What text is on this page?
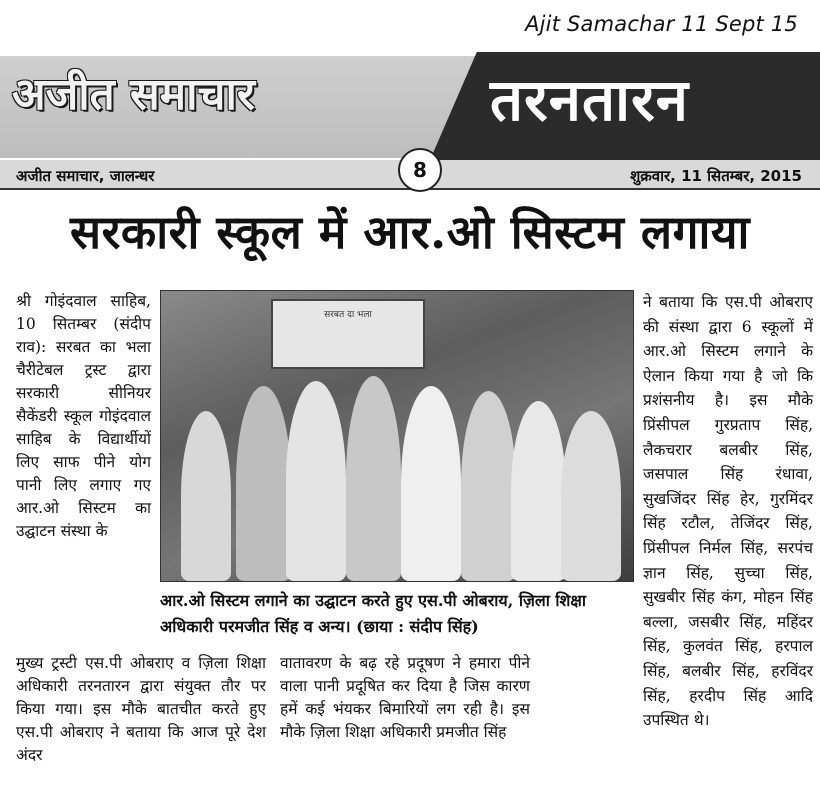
Ajit Samachar 11 Sept 15
अजीत समाचार	तरनतारन
अजीत समाचार, जालन्धर	शुक्रवार, 11 सितम्बर, 2015
8
सरकारी स्कूल में आर.ओ सिस्टम लगाया

श्री गोइंदवाल साहिब, 10 सितम्बर (संदीप राव): सरबत का भला चैरीटेबल ट्रस्ट द्वारा सरकारी सीनियर सैकेंडरी स्कूल गोइंदवाल साहिब के विद्यार्थीयों लिए साफ पीने योग पानी लिए लगाए गए आर.ओ सिस्टम का उद्घाटन संस्था के

सरबत दा भला
आर.ओ सिस्टम लगाने का उद्घाटन करते हुए एस.पी ओबराय, ज़िला शिक्षा अधिकारी परमजीत सिंह व अन्य। (छाया : संदीप सिंह)

मुख्य ट्रस्टी एस.पी ओबराए व ज़िला शिक्षा अधिकारी तरनतारन द्वारा संयुक्त तौर पर किया गया। इस मौके बातचीत करते हुए एस.पी ओबराए ने बताया कि आज पूरे देश अंदर

वातावरण के बढ़ रहे प्रदूषण ने हमारा पीने वाला पानी प्रदूषित कर दिया है जिस कारण हमें कई भंयकर बिमारियों लग रही है। इस मौके ज़िला शिक्षा अधिकारी प्रमजीत सिंह

ने बताया कि एस.पी ओबराए की संस्था द्वारा 6 स्कूलों में आर.ओ सिस्टम लगाने के ऐलान किया गया है जो कि प्रशंसनीय है। इस मौके प्रिंसीपल गुरप्रताप सिंह, लैकचरार बलबीर सिंह, जसपाल सिंह रंधावा, सुखजिंदर सिंह हेर, गुरमिंदर सिंह रटौल, तेजिंदर सिंह, प्रिंसीपल निर्मल सिंह, सरपंच ज्ञान सिंह, सुच्चा सिंह, सुखबीर सिंह कंग, मोहन सिंह बल्ला, जसबीर सिंह, महिंदर सिंह, कुलवंत सिंह, हरपाल सिंह, बलबीर सिंह, हरविंदर सिंह, हरदीप सिंह आदि उपस्थित थे।
